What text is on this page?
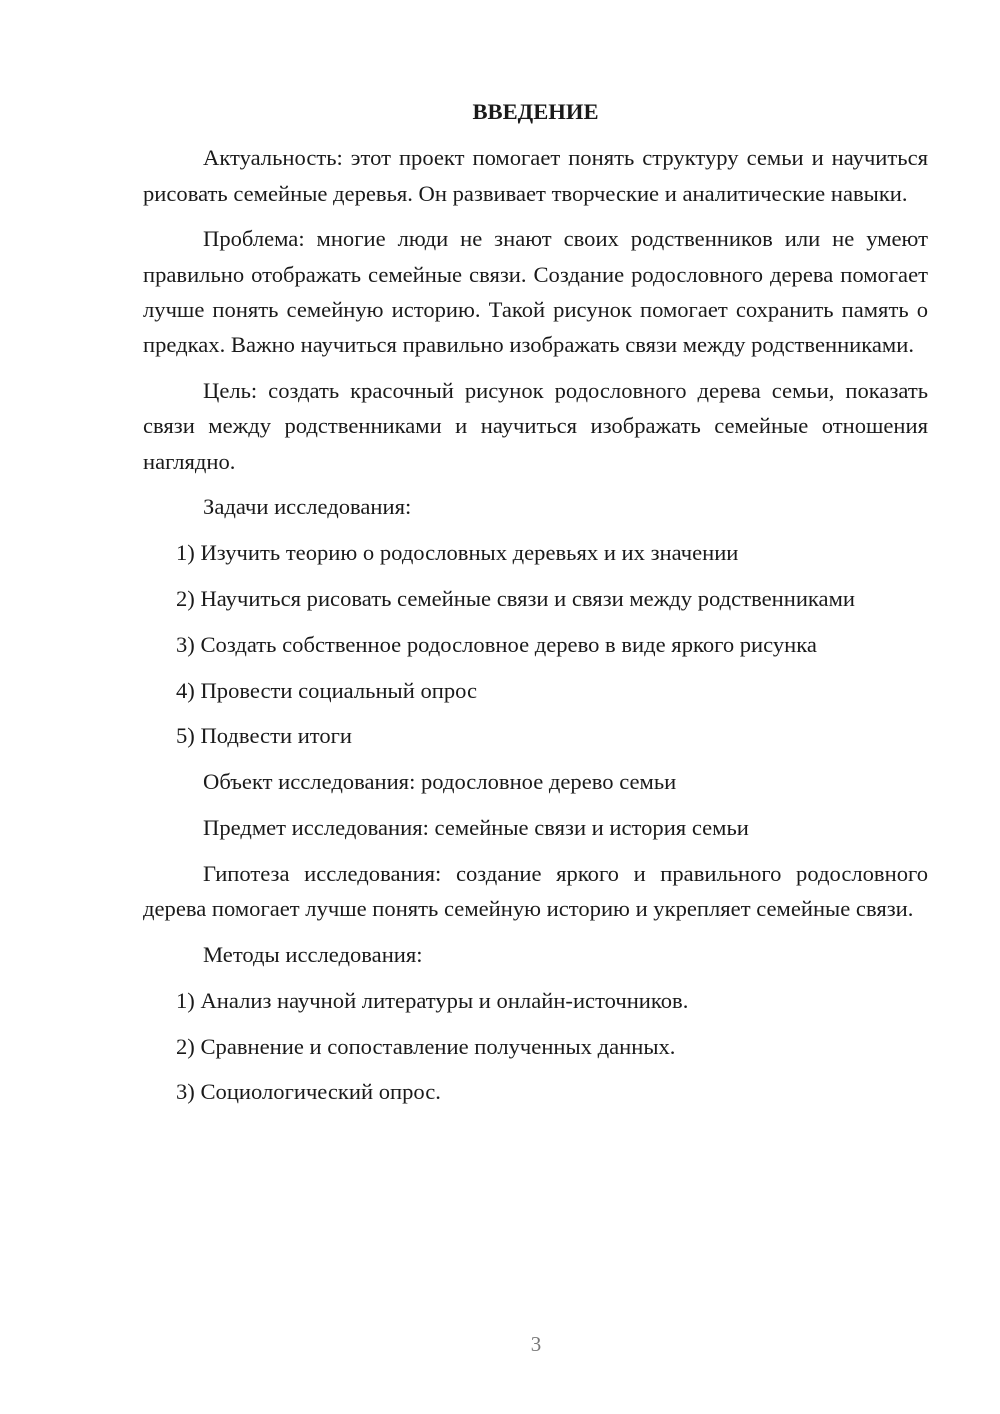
ВВЕДЕНИЕ
Актуальность: этот проект помогает понять структуру семьи и научиться рисовать семейные деревья. Он развивает творческие и аналитические навыки.
Проблема: многие люди не знают своих родственников или не умеют правильно отображать семейные связи. Создание родословного дерева помогает лучше понять семейную историю. Такой рисунок помогает сохранить память о предках. Важно научиться правильно изображать связи между родственниками.
Цель: создать красочный рисунок родословного дерева семьи, показать связи между родственниками и научиться изображать семейные отношения наглядно.
Задачи исследования:
1) Изучить теорию о родословных деревьях и их значении
2) Научиться рисовать семейные связи и связи между родственниками
3) Создать собственное родословное дерево в виде яркого рисунка
4) Провести социальный опрос
5) Подвести итоги
Объект исследования: родословное дерево семьи
Предмет исследования: семейные связи и история семьи
Гипотеза исследования: создание яркого и правильного родословного дерева помогает лучше понять семейную историю и укрепляет семейные связи.
Методы исследования:
1) Анализ научной литературы и онлайн-источников.
2) Сравнение и сопоставление полученных данных.
3) Социологический опрос.
3
